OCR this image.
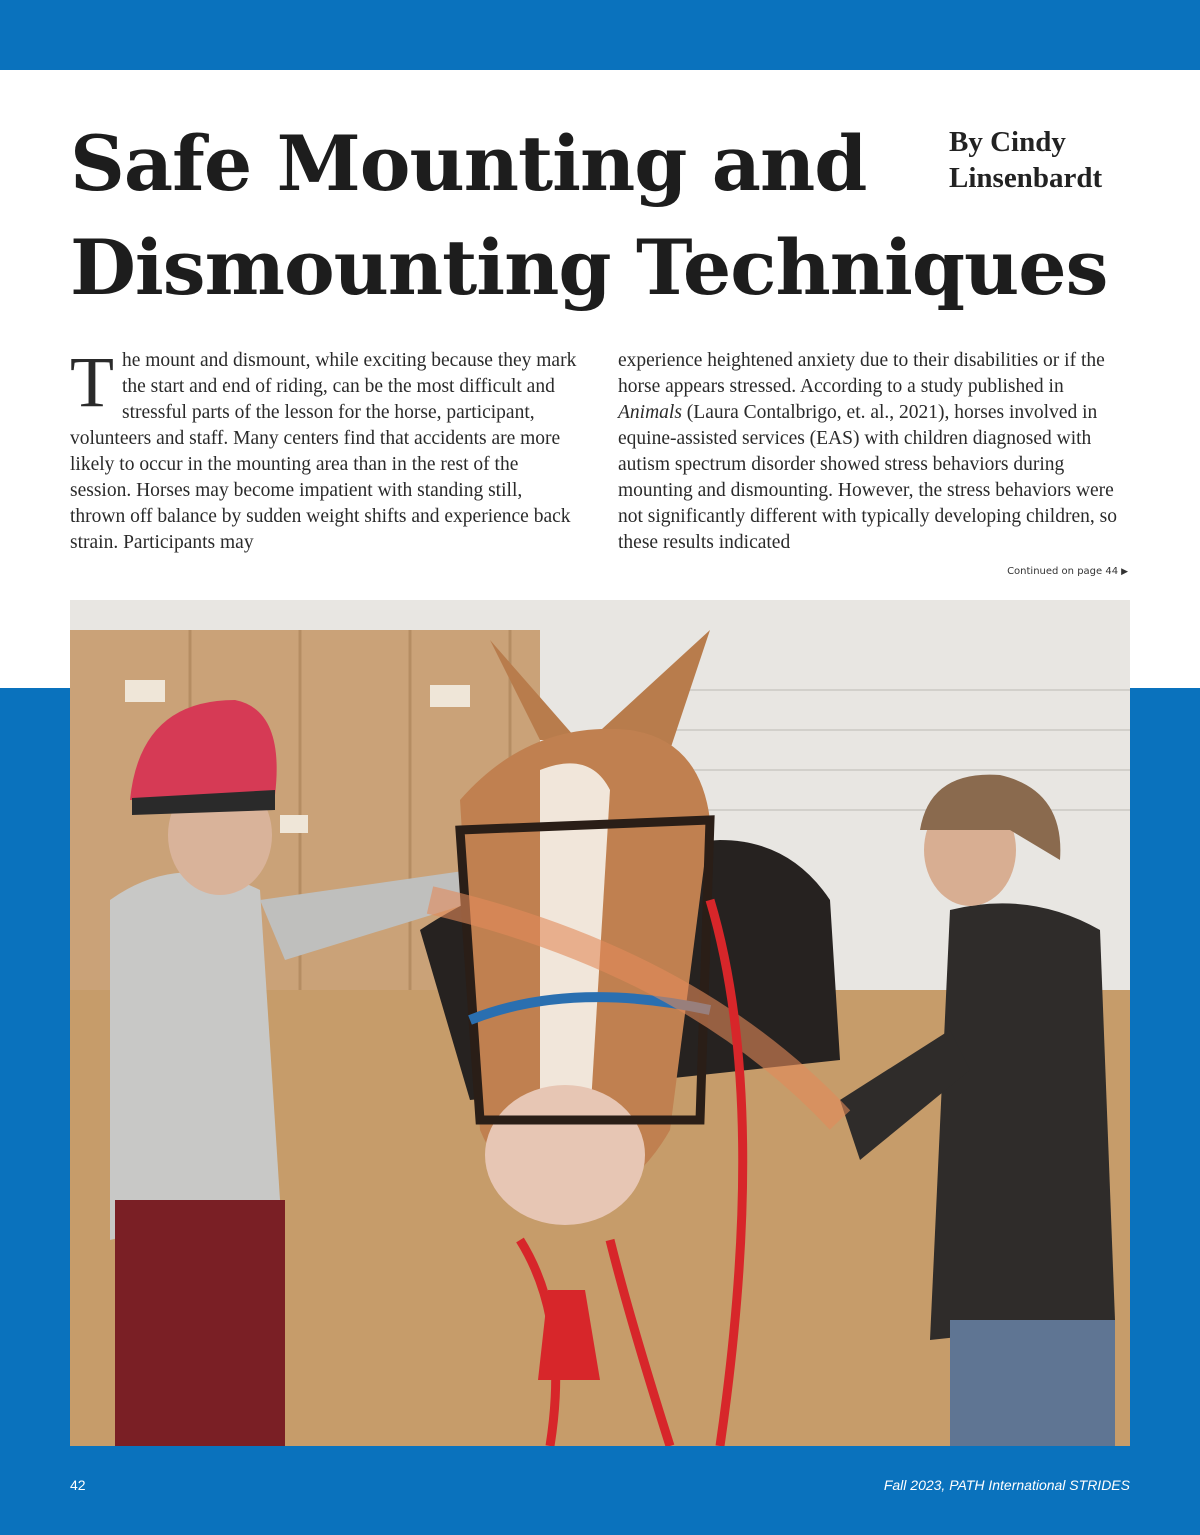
Safe Mounting and Dismounting Techniques
By Cindy
Linsenbardt

The mount and dismount, while exciting because they mark the start and end of riding, can be the most difficult and stressful parts of the lesson for the horse, participant, volunteers and staff. Many centers find that accidents are more likely to occur in the mounting area than in the rest of the session. Horses may become impatient with standing still, thrown off balance by sudden weight shifts and experience back strain. Participants may

experience heightened anxiety due to their disabilities or if the horse appears stressed. According to a study published in Animals (Laura Contalbrigo, et. al., 2021), horses involved in equine-assisted services (EAS) with children diagnosed with autism spectrum disorder showed stress behaviors during mounting and dismounting. However, the stress behaviors were not significantly different with typically developing children, so these results indicated

Continued on page 44 ▶
42	Fall 2023, PATH International STRIDES
